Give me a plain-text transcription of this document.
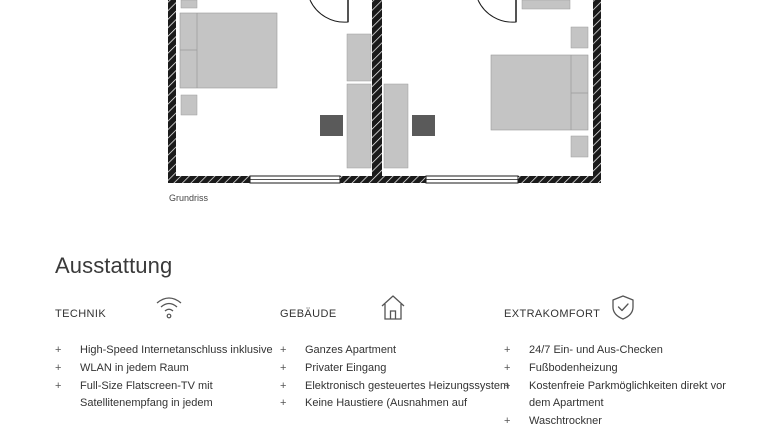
Grundriss
Ausstattung
TECHNIK
+ High-Speed Internetanschluss inklusive
+ WLAN in jedem Raum
+ Full-Size Flatscreen-TV mit Satellitenempfang in jedem
GEBÄUDE
+ Ganzes Apartment
+ Privater Eingang
+ Elektronisch gesteuertes Heizungssystem
+ Keine Haustiere (Ausnahmen auf
EXTRAKOMFORT
+ 24/7 Ein- und Aus-Checken
+ Fußbodenheizung
+ Kostenfreie Parkmöglichkeiten direkt vor dem Apartment
+ Waschtrockner
